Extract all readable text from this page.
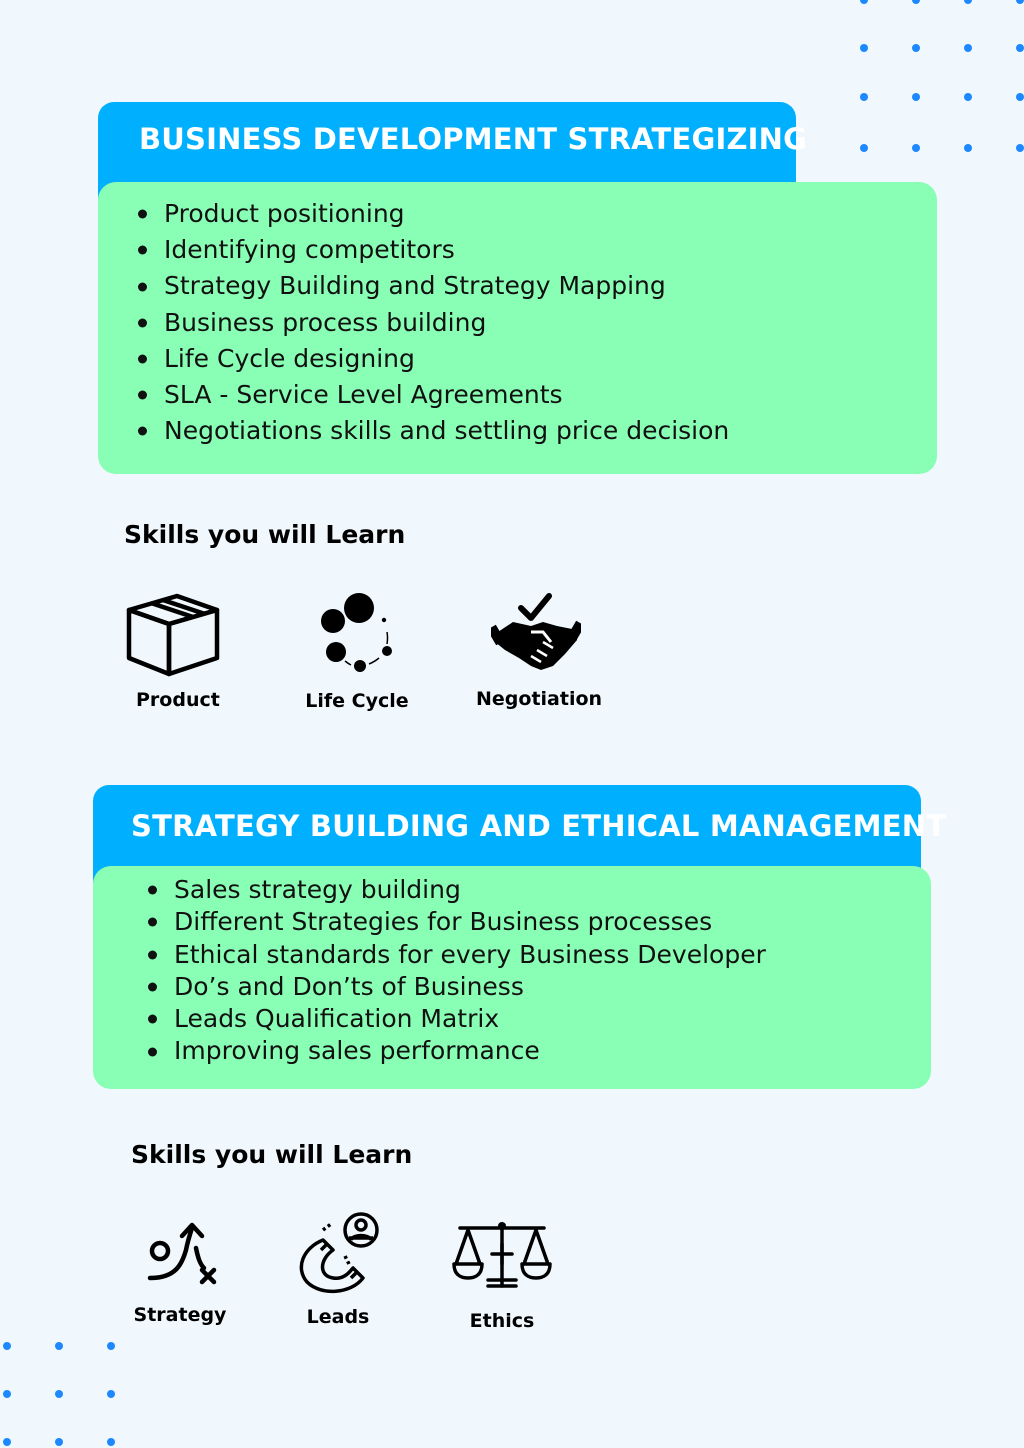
BUSINESS DEVELOPMENT STRATEGIZING
Product positioning
Identifying competitors
Strategy Building and Strategy Mapping
Business process building
Life Cycle designing
SLA - Service Level Agreements
Negotiations skills and settling price decision
Skills you will Learn
Product	Life Cycle	Negotiation
STRATEGY BUILDING AND ETHICAL MANAGEMENT
Sales strategy building
Different Strategies for Business processes
Ethical standards for every Business Developer
Do’s and Don’ts of Business
Leads Qualification Matrix
Improving sales performance
Skills you will Learn
Strategy	Leads	Ethics
